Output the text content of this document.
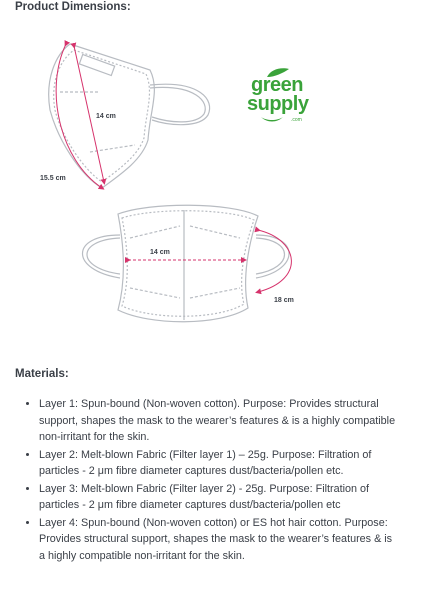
Product Dimensions:
14 cm
15.5 cm
14 cm
18 cm
green
supply
.com
Materials:
• Layer 1: Spun-bound (Non-woven cotton). Purpose: Provides structural support, shapes the mask to the wearer’s features & is a highly compatible non-irritant for the skin.
• Layer 2: Melt-blown Fabric (Filter layer 1) – 25g. Purpose: Filtration of particles - 2 μm fibre diameter captures dust/bacteria/pollen etc.
• Layer 3: Melt-blown Fabric (Filter layer 2) - 25g. Purpose: Filtration of particles - 2 μm fibre diameter captures dust/bacteria/pollen etc
• Layer 4: Spun-bound (Non-woven cotton) or ES hot hair cotton. Purpose: Provides structural support, shapes the mask to the wearer’s features & is a highly compatible non-irritant for the skin.
